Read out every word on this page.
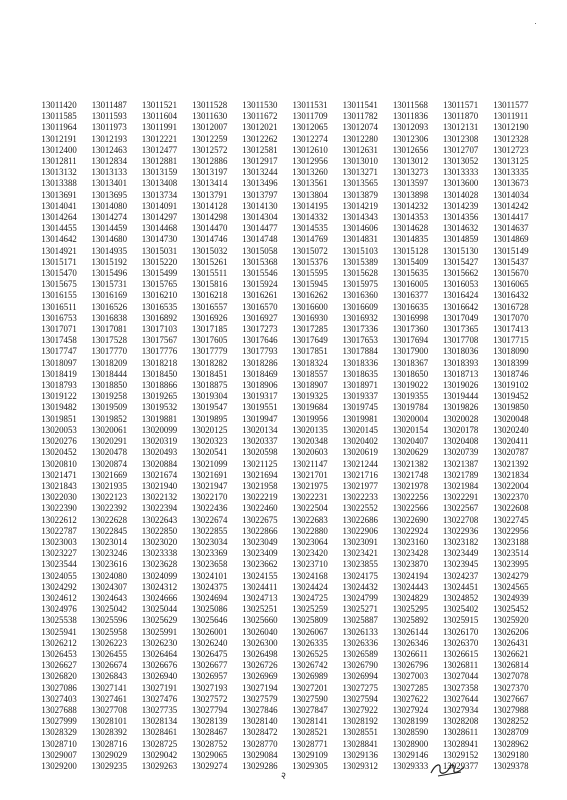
·
13011420	13011487	13011521	13011528	13011530	13011531	13011541	13011568	13011571	13011577
13011585	13011593	13011604	13011630	13011672	13011709	13011782	13011836	13011870	13011911
13011964	13011973	13011991	13012007	13012021	13012065	13012074	13012093	13012131	13012190
13012191	13012193	13012221	13012259	13012262	13012274	13012280	13012306	13012308	13012328
13012400	13012463	13012477	13012572	13012581	13012610	13012631	13012656	13012707	13012723
13012811	13012834	13012881	13012886	13012917	13012956	13013010	13013012	13013052	13013125
13013132	13013133	13013159	13013197	13013244	13013260	13013271	13013273	13013333	13013335
13013388	13013401	13013408	13013414	13013496	13013561	13013565	13013597	13013600	13013673
13013691	13013695	13013734	13013791	13013797	13013804	13013879	13013898	13014028	13014034
13014041	13014080	13014091	13014128	13014130	13014195	13014219	13014232	13014239	13014242
13014264	13014274	13014297	13014298	13014304	13014332	13014343	13014353	13014356	13014417
13014455	13014459	13014468	13014470	13014477	13014535	13014606	13014628	13014632	13014637
13014642	13014680	13014730	13014746	13014748	13014769	13014831	13014835	13014859	13014869
13014921	13014935	13015031	13015032	13015058	13015072	13015103	13015128	13015130	13015149
13015171	13015192	13015220	13015261	13015368	13015376	13015389	13015409	13015427	13015437
13015470	13015496	13015499	13015511	13015546	13015595	13015628	13015635	13015662	13015670
13015675	13015731	13015765	13015816	13015924	13015945	13015975	13016005	13016053	13016065
13016155	13016169	13016210	13016218	13016261	13016262	13016360	13016377	13016424	13016432
13016511	13016526	13016535	13016557	13016570	13016600	13016609	13016635	13016642	13016728
13016753	13016838	13016892	13016926	13016927	13016930	13016932	13016998	13017049	13017070
13017071	13017081	13017103	13017185	13017273	13017285	13017336	13017360	13017365	13017413
13017458	13017528	13017567	13017605	13017646	13017649	13017653	13017694	13017708	13017715
13017747	13017770	13017776	13017779	13017793	13017851	13017884	13017900	13018036	13018090
13018097	13018209	13018218	13018282	13018286	13018324	13018336	13018367	13018393	13018399
13018419	13018444	13018450	13018451	13018469	13018557	13018635	13018650	13018713	13018746
13018793	13018850	13018866	13018875	13018906	13018907	13018971	13019022	13019026	13019102
13019122	13019258	13019265	13019304	13019317	13019325	13019337	13019355	13019444	13019452
13019482	13019509	13019532	13019547	13019551	13019684	13019745	13019784	13019826	13019850
13019851	13019852	13019881	13019895	13019947	13019956	13019981	13020004	13020028	13020048
13020053	13020061	13020099	13020125	13020134	13020135	13020145	13020154	13020178	13020240
13020276	13020291	13020319	13020323	13020337	13020348	13020402	13020407	13020408	13020411
13020452	13020478	13020493	13020541	13020598	13020603	13020619	13020629	13020739	13020787
13020810	13020874	13020884	13021099	13021125	13021147	13021244	13021382	13021387	13021392
13021471	13021669	13021674	13021691	13021694	13021701	13021716	13021748	13021789	13021834
13021843	13021935	13021940	13021947	13021958	13021975	13021977	13021978	13021984	13022004
13022030	13022123	13022132	13022170	13022219	13022231	13022233	13022256	13022291	13022370
13022390	13022392	13022394	13022436	13022460	13022504	13022552	13022566	13022567	13022608
13022612	13022628	13022643	13022674	13022675	13022683	13022686	13022690	13022708	13022745
13022787	13022845	13022850	13022855	13022866	13022880	13022906	13022924	13022936	13022956
13023003	13023014	13023020	13023034	13023049	13023064	13023091	13023160	13023182	13023188
13023227	13023246	13023338	13023369	13023409	13023420	13023421	13023428	13023449	13023514
13023544	13023616	13023628	13023658	13023662	13023710	13023855	13023870	13023945	13023995
13024055	13024080	13024099	13024101	13024155	13024168	13024175	13024194	13024237	13024279
13024292	13024307	13024312	13024375	13024411	13024424	13024432	13024443	13024451	13024565
13024612	13024643	13024666	13024694	13024713	13024725	13024799	13024829	13024852	13024939
13024976	13025042	13025044	13025086	13025251	13025259	13025271	13025295	13025402	13025452
13025538	13025596	13025629	13025646	13025660	13025809	13025887	13025892	13025915	13025920
13025941	13025958	13025991	13026001	13026040	13026067	13026133	13026144	13026170	13026206
13026212	13026223	13026230	13026240	13026300	13026335	13026336	13026346	13026370	13026431
13026453	13026455	13026464	13026475	13026498	13026525	13026589	13026611	13026615	13026621
13026627	13026674	13026676	13026677	13026726	13026742	13026790	13026796	13026811	13026814
13026820	13026843	13026940	13026957	13026969	13026989	13026994	13027003	13027044	13027078
13027086	13027141	13027191	13027193	13027194	13027201	13027275	13027285	13027358	13027370
13027403	13027461	13027476	13027572	13027579	13027590	13027594	13027622	13027644	13027667
13027688	13027708	13027735	13027794	13027846	13027847	13027922	13027924	13027934	13027988
13027999	13028101	13028134	13028139	13028140	13028141	13028192	13028199	13028208	13028252
13028329	13028392	13028461	13028467	13028472	13028521	13028551	13028590	13028611	13028709
13028710	13028716	13028725	13028752	13028770	13028771	13028841	13028900	13028941	13028962
13029007	13029029	13029042	13029065	13029084	13029109	13029136	13029146	13029152	13029180
13029200	13029235	13029263	13029274	13029286	13029305	13029312	13029333	13029377	13029378
२
